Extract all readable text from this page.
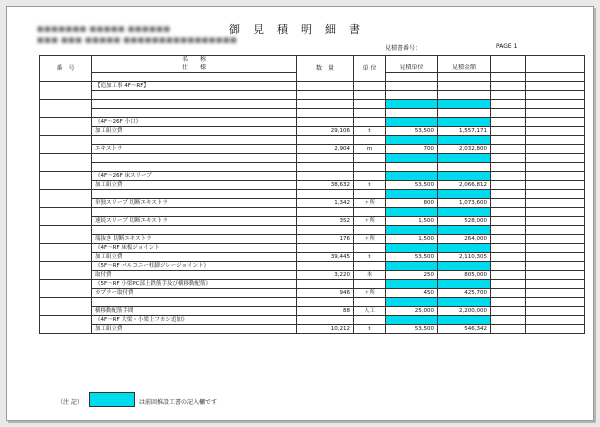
■■■■■■■ ■■■■■ ■■■■■■
■■■ ■■■ ■■■■■ ■■■■■■■■■■■■■■■■
御見積明細書
見積書番号：	PAGE 1
番　号	名　　称	数　量	単 位				
	仕　　様			見積単位	見積金額		

	【追加工事 4F～RF】						

	《4F～26F 小口》						
	加工組立費	29,106	t	53,500	1,557,171		

	エキストラ	2,904	m	700	2,032,800		

	《4F～26F 床スリーブ						
	加工組立費	38,632	t	53,500	2,066,812		

	単独スリーブ 切断エキストラ	1,342	ヶ所	800	1,073,600		

	連続スリーブ 切断エキストラ	352	ヶ所	1,500	528,000		

	端抜き 切断エキストラ	176	ヶ所	1,500	264,000		
	《4F～RF 床板ジョイント						
	加工組立費	39,445	t	53,500	2,110,305		
	《5F～RF バルコニー柱脚ジレージョイント》						
	取付費	3,220	本	250	805,000		
	《5F～RF 小梁PC部上鉄筋手及び横移動配筋》						
	カプラー取付費	946	ヶ所	450	425,700		

	横移動配筋手間	88	人工	25,000	2,200,000		
	《4F～RF 大梁・小梁上フカシ追加》						
	加工組立費	10,212	t	53,500	546,342		
（注 記）	は前回推設工書の記入欄です
